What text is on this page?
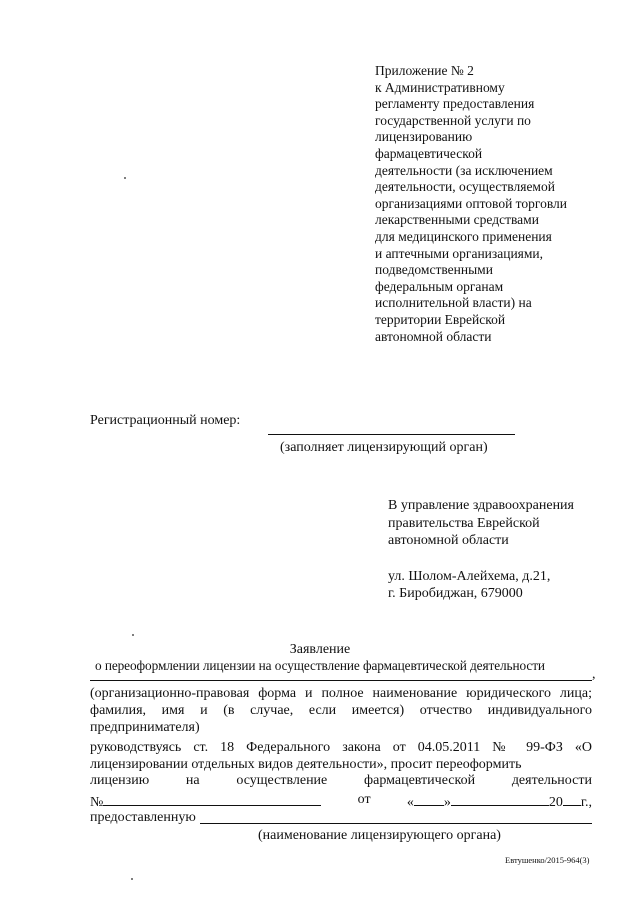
Приложение № 2
к Административному
регламенту предоставления
государственной услуги по
лицензированию
фармацевтической
деятельности (за исключением
деятельности, осуществляемой
организациями оптовой торговли
лекарственными средствами
для медицинского применения
и аптечными организациями,
подведомственными
федеральным органам
исполнительной власти) на
территории Еврейской
автономной области
Регистрационный номер:
(заполняет лицензирующий орган)
В управление здравоохранения
правительства Еврейской
автономной области
ул. Шолом-Алейхема, д.21,
г. Биробиджан, 679000
Заявление
о переоформлении лицензии на осуществление фармацевтической деятельности
,
(организационно-правовая форма и полное наименование юридического лица; фамилия, имя и (в случае, если имеется) отчество индивидуального предпринимателя)
руководствуясь ст. 18 Федерального закона от 04.05.2011 № 99-ФЗ «О лицензировании отдельных видов деятельности», просит переоформить
лицензию	на	осуществление	фармацевтической	деятельности
№	от	« »	20 г.,
предоставленную
(наименование лицензирующего органа)
Евтушенко/2015-964(3)
